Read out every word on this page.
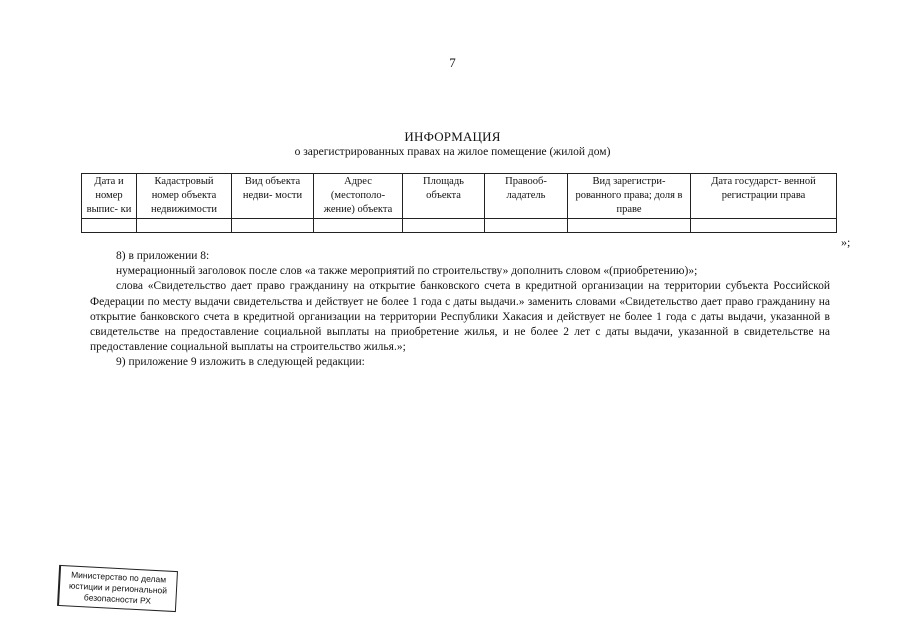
7
ИНФОРМАЦИЯ
о зарегистрированных правах на жилое помещение (жилой дом)
Дата и номер выпис- ки	Кадастровый номер объекта недвижимости	Вид объекта недви- мости	Адрес (местополо- жение) объекта	Площадь объекта	Правооб- ладатель	Вид зарегистри- рованного права; доля в праве	Дата государст- венной регистрации права

»;

8) в приложении 8:

нумерационный заголовок после слов «а также мероприятий по строительству» дополнить словом «(приобретению)»;

слова «Свидетельство дает право гражданину на открытие банковского счета в кредитной организации на территории субъекта Российской Федерации по месту выдачи свидетельства и действует не более 1 года с даты выдачи.» заменить словами «Свидетельство дает право гражданину на открытие банковского счета в кредитной организации на территории Республики Хакасия и действует не более 1 года с даты выдачи, указанной в свидетельстве на предоставление социальной выплаты на приобретение жилья, и не более 2 лет с даты выдачи, указанной в свидетельстве на предоставление социальной выплаты на строительство жилья.»;

9) приложение 9 изложить в следующей редакции:

Министерство по делам
юстиции и региональной
безопасности РХ
